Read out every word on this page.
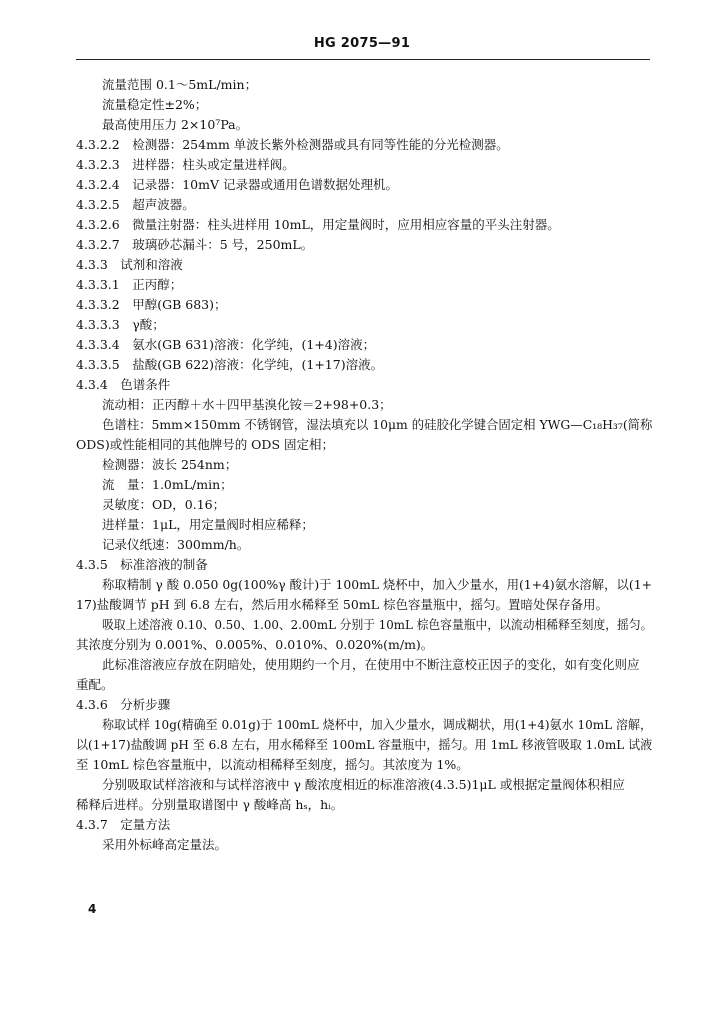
HG 2075—91
流量范围 0.1～5mL/min；
流量稳定性±2%；
最高使用压力 2×10⁷Pa。
4.3.2.2　检测器：254mm 单波长紫外检测器或具有同等性能的分光检测器。
4.3.2.3　进样器：柱头或定量进样阀。
4.3.2.4　记录器：10mV 记录器或通用色谱数据处理机。
4.3.2.5　超声波器。
4.3.2.6　微量注射器：柱头进样用 10mL，用定量阀时，应用相应容量的平头注射器。
4.3.2.7　玻璃砂芯漏斗：5 号，250mL。
4.3.3　试剂和溶液
4.3.3.1　正丙醇；
4.3.3.2　甲醇(GB 683)；
4.3.3.3　γ酸；
4.3.3.4　氨水(GB 631)溶液：化学纯，(1+4)溶液；
4.3.3.5　盐酸(GB 622)溶液：化学纯，(1+17)溶液。
4.3.4　色谱条件
流动相：正丙醇＋水＋四甲基溴化铵＝2+98+0.3；
色谱柱：5mm×150mm 不锈钢管，湿法填充以 10μm 的硅胶化学键合固定相 YWG—C₁₈H₃₇(简称
ODS)或性能相同的其他牌号的 ODS 固定相；
检测器：波长 254nm；
流　量：1.0mL/min；
灵敏度：OD，0.16；
进样量：1μL，用定量阀时相应稀释；
记录仪纸速：300mm/h。
4.3.5　标准溶液的制备
称取精制 γ 酸 0.050 0g(100%γ 酸计)于 100mL 烧杯中，加入少量水，用(1+4)氨水溶解，以(1+
17)盐酸调节 pH 到 6.8 左右，然后用水稀释至 50mL 棕色容量瓶中，摇匀。置暗处保存备用。
吸取上述溶液 0.10、0.50、1.00、2.00mL 分别于 10mL 棕色容量瓶中，以流动相稀释至刻度，摇匀。
其浓度分别为 0.001%、0.005%、0.010%、0.020%(m/m)。
此标准溶液应存放在阴暗处，使用期约一个月，在使用中不断注意校正因子的变化，如有变化则应
重配。
4.3.6　分析步骤
称取试样 10g(精确至 0.01g)于 100mL 烧杯中，加入少量水，调成糊状，用(1+4)氨水 10mL 溶解，
以(1+17)盐酸调 pH 至 6.8 左右，用水稀释至 100mL 容量瓶中，摇匀。用 1mL 移液管吸取 1.0mL 试液
至 10mL 棕色容量瓶中，以流动相稀释至刻度，摇匀。其浓度为 1%。
分别吸取试样溶液和与试样溶液中 γ 酸浓度相近的标准溶液(4.3.5)1μL 或根据定量阀体积相应
稀释后进样。分别量取谱图中 γ 酸峰高 hₛ，hᵢ。
4.3.7　定量方法
采用外标峰高定量法。
4
